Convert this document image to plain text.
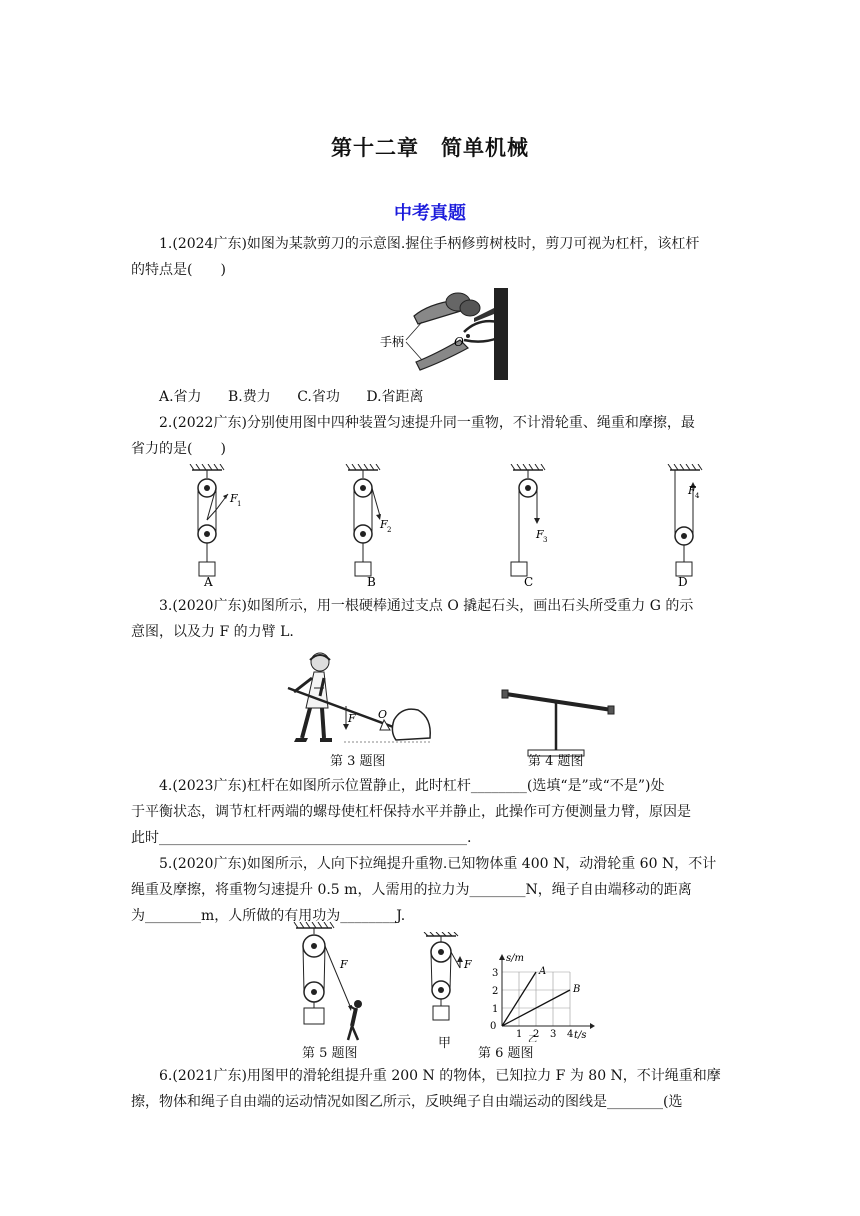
第十二章　简单机械
中考真题
1.(2024广东)如图为某款剪刀的示意图.握住手柄修剪树枝时，剪刀可视为杠杆，该杠杆
的特点是(　　)
O
手柄
A.省力 B.费力 C.省功 D.省距离
2.(2022广东)分别使用图中四种装置匀速提升同一重物，不计滑轮重、绳重和摩擦，最
省力的是(　　)
F 1
A
F 2
B
F 3
C
F 4
D
3.(2020广东)如图所示，用一根硬棒通过支点 O 撬起石头，画出石头所受重力 G 的示
意图，以及力 F 的力臂 L.
F O
第 3 题图	第 4 题图
4.(2023广东)杠杆在如图所示位置静止，此时杠杆________(选填“是”或“不是”)处
于平衡状态，调节杠杆两端的螺母使杠杆保持水平并静止，此操作可方便测量力臂，原因是
此时____________________________________________.
5.(2020广东)如图所示，人向下拉绳提升重物.已知物体重 400 N，动滑轮重 60 N，不计
绳重及摩擦，将重物匀速提升 0.5 m，人需用的拉力为________N，绳子自由端移动的距离
为________m，人所做的有用功为________J.
F
第 5 题图
F
甲
s/m
t/s
0
1 2 3 4
1
2
3	A
B
乙
第 6 题图
6.(2021广东)用图甲的滑轮组提升重 200 N 的物体，已知拉力 F 为 80 N，不计绳重和摩
擦，物体和绳子自由端的运动情况如图乙所示，反映绳子自由端运动的图线是________(选
